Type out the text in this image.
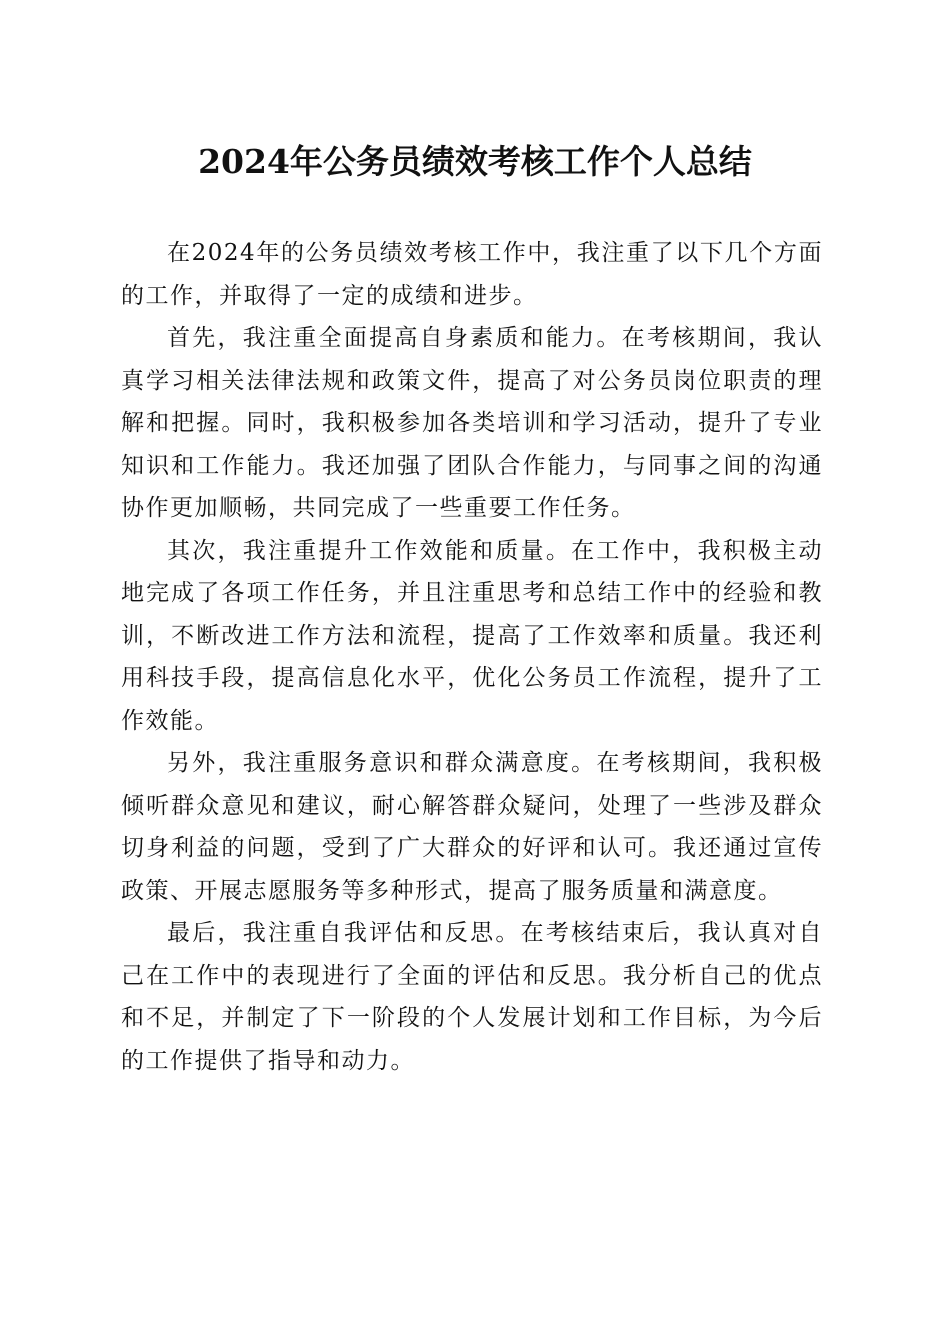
2024年公务员绩效考核工作个人总结

在2024年的公务员绩效考核工作中，我注重了以下几个方面的工作，并取得了一定的成绩和进步。

首先，我注重全面提高自身素质和能力。在考核期间，我认真学习相关法律法规和政策文件，提高了对公务员岗位职责的理解和把握。同时，我积极参加各类培训和学习活动，提升了专业知识和工作能力。我还加强了团队合作能力，与同事之间的沟通协作更加顺畅，共同完成了一些重要工作任务。

其次，我注重提升工作效能和质量。在工作中，我积极主动地完成了各项工作任务，并且注重思考和总结工作中的经验和教训，不断改进工作方法和流程，提高了工作效率和质量。我还利用科技手段，提高信息化水平，优化公务员工作流程，提升了工作效能。

另外，我注重服务意识和群众满意度。在考核期间，我积极倾听群众意见和建议，耐心解答群众疑问，处理了一些涉及群众切身利益的问题，受到了广大群众的好评和认可。我还通过宣传政策、开展志愿服务等多种形式，提高了服务质量和满意度。

最后，我注重自我评估和反思。在考核结束后，我认真对自己在工作中的表现进行了全面的评估和反思。我分析自己的优点和不足，并制定了下一阶段的个人发展计划和工作目标，为今后的工作提供了指导和动力。
